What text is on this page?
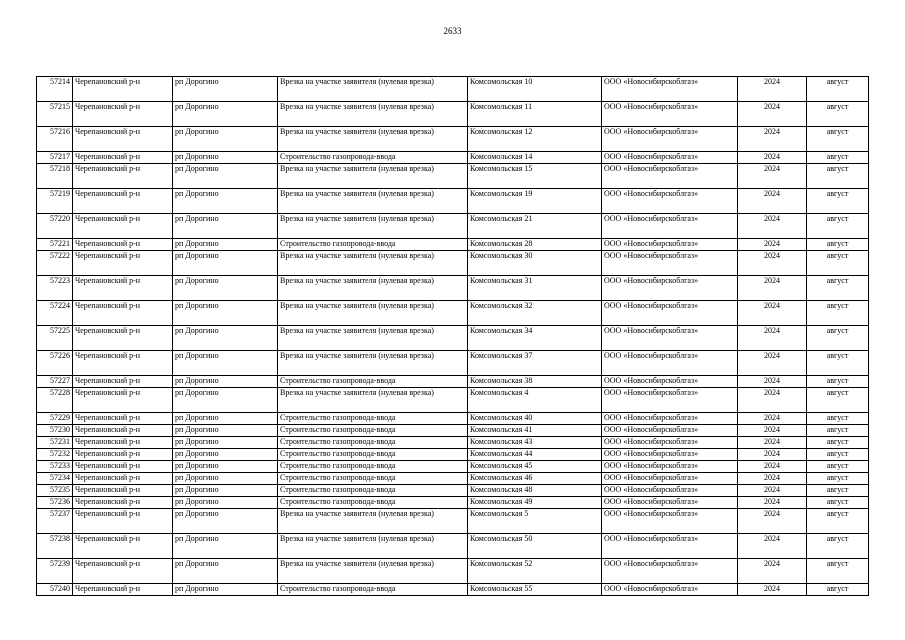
2633
57214	Черепановский р-н	рп Дорогино	Врезка на участке заявителя (нулевая врезка)	Комсомольская 10	ООО «Новосибирскоблгаз»	2024	август
57215	Черепановский р-н	рп Дорогино	Врезка на участке заявителя (нулевая врезка)	Комсомольская 11	ООО «Новосибирскоблгаз»	2024	август
57216	Черепановский р-н	рп Дорогино	Врезка на участке заявителя (нулевая врезка)	Комсомольская 12	ООО «Новосибирскоблгаз»	2024	август
57217	Черепановский р-н	рп Дорогино	Строительство газопровода-ввода	Комсомольская 14	ООО «Новосибирскоблгаз»	2024	август
57218	Черепановский р-н	рп Дорогино	Врезка на участке заявителя (нулевая врезка)	Комсомольская 15	ООО «Новосибирскоблгаз»	2024	август
57219	Черепановский р-н	рп Дорогино	Врезка на участке заявителя (нулевая врезка)	Комсомольская 19	ООО «Новосибирскоблгаз»	2024	август
57220	Черепановский р-н	рп Дорогино	Врезка на участке заявителя (нулевая врезка)	Комсомольская 21	ООО «Новосибирскоблгаз»	2024	август
57221	Черепановский р-н	рп Дорогино	Строительство газопровода-ввода	Комсомольская 28	ООО «Новосибирскоблгаз»	2024	август
57222	Черепановский р-н	рп Дорогино	Врезка на участке заявителя (нулевая врезка)	Комсомольская 30	ООО «Новосибирскоблгаз»	2024	август
57223	Черепановский р-н	рп Дорогино	Врезка на участке заявителя (нулевая врезка)	Комсомольская 31	ООО «Новосибирскоблгаз»	2024	август
57224	Черепановский р-н	рп Дорогино	Врезка на участке заявителя (нулевая врезка)	Комсомольская 32	ООО «Новосибирскоблгаз»	2024	август
57225	Черепановский р-н	рп Дорогино	Врезка на участке заявителя (нулевая врезка)	Комсомольская 34	ООО «Новосибирскоблгаз»	2024	август
57226	Черепановский р-н	рп Дорогино	Врезка на участке заявителя (нулевая врезка)	Комсомольская 37	ООО «Новосибирскоблгаз»	2024	август
57227	Черепановский р-н	рп Дорогино	Строительство газопровода-ввода	Комсомольская 38	ООО «Новосибирскоблгаз»	2024	август
57228	Черепановский р-н	рп Дорогино	Врезка на участке заявителя (нулевая врезка)	Комсомольская 4	ООО «Новосибирскоблгаз»	2024	август
57229	Черепановский р-н	рп Дорогино	Строительство газопровода-ввода	Комсомольская 40	ООО «Новосибирскоблгаз»	2024	август
57230	Черепановский р-н	рп Дорогино	Строительство газопровода-ввода	Комсомольская 41	ООО «Новосибирскоблгаз»	2024	август
57231	Черепановский р-н	рп Дорогино	Строительство газопровода-ввода	Комсомольская 43	ООО «Новосибирскоблгаз»	2024	август
57232	Черепановский р-н	рп Дорогино	Строительство газопровода-ввода	Комсомольская 44	ООО «Новосибирскоблгаз»	2024	август
57233	Черепановский р-н	рп Дорогино	Строительство газопровода-ввода	Комсомольская 45	ООО «Новосибирскоблгаз»	2024	август
57234	Черепановский р-н	рп Дорогино	Строительство газопровода-ввода	Комсомольская 46	ООО «Новосибирскоблгаз»	2024	август
57235	Черепановский р-н	рп Дорогино	Строительство газопровода-ввода	Комсомольская 48	ООО «Новосибирскоблгаз»	2024	август
57236	Черепановский р-н	рп Дорогино	Строительство газопровода-ввода	Комсомольская 49	ООО «Новосибирскоблгаз»	2024	август
57237	Черепановский р-н	рп Дорогино	Врезка на участке заявителя (нулевая врезка)	Комсомольская 5	ООО «Новосибирскоблгаз»	2024	август
57238	Черепановский р-н	рп Дорогино	Врезка на участке заявителя (нулевая врезка)	Комсомольская 50	ООО «Новосибирскоблгаз»	2024	август
57239	Черепановский р-н	рп Дорогино	Врезка на участке заявителя (нулевая врезка)	Комсомольская 52	ООО «Новосибирскоблгаз»	2024	август
57240	Черепановский р-н	рп Дорогино	Строительство газопровода-ввода	Комсомольская 55	ООО «Новосибирскоблгаз»	2024	август
